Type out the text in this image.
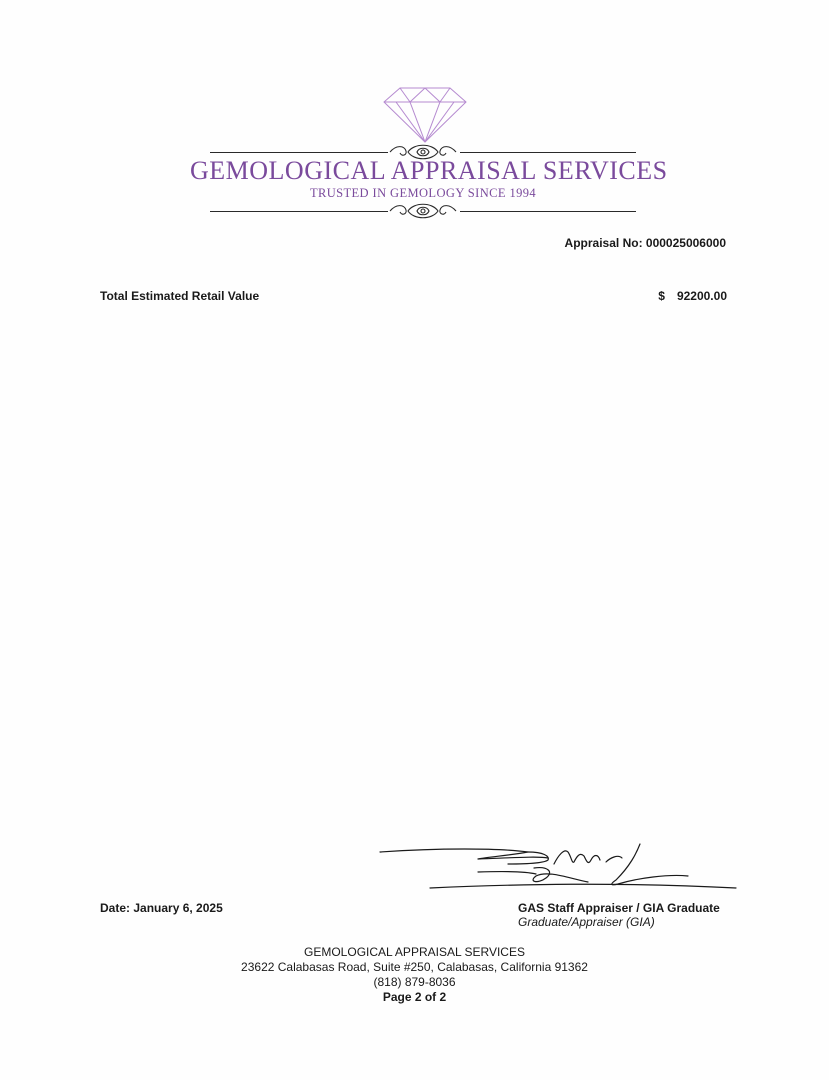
GEMOLOGICAL APPRAISAL SERVICES
TRUSTED IN GEMOLOGY SINCE 1994
Appraisal No: 000025006000
Total Estimated Retail Value	$ 92200.00
Date: January 6, 2025	GAS Staff Appraiser / GIA Graduate
Graduate/Appraiser (GIA)
GEMOLOGICAL APPRAISAL SERVICES
23622 Calabasas Road, Suite #250, Calabasas, California 91362
(818) 879-8036
Page 2 of 2
